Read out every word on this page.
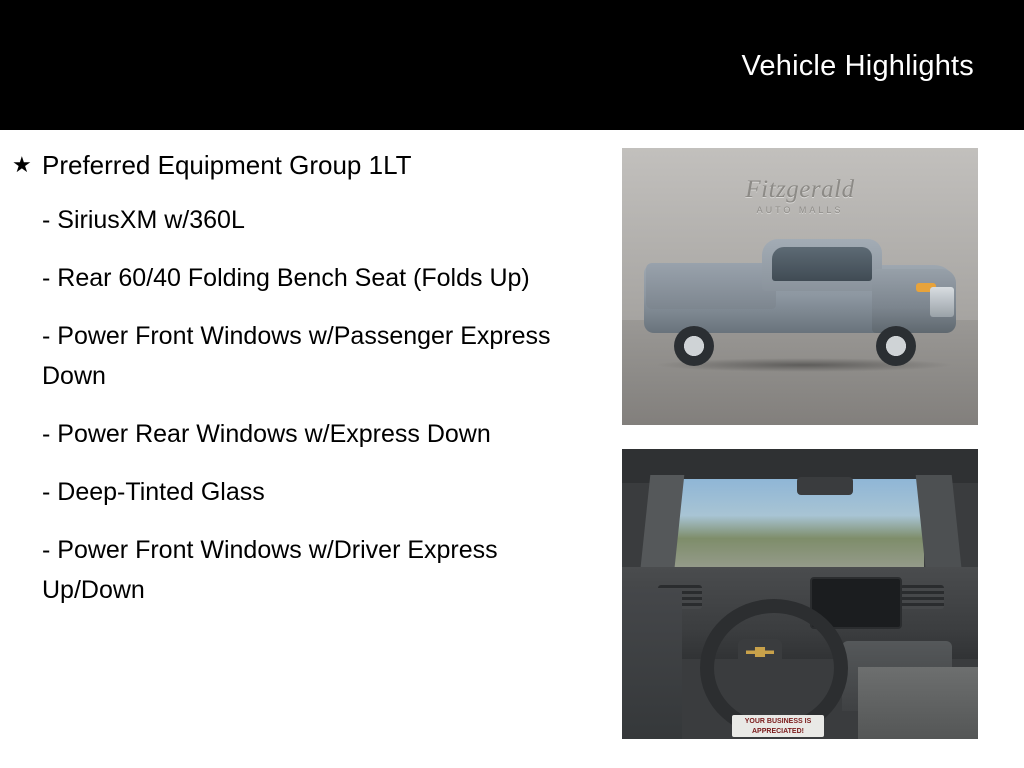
Vehicle Highlights
★ Preferred Equipment Group 1LT
- SiriusXM w/360L
- Rear 60/40 Folding Bench Seat (Folds Up)
- Power Front Windows w/Passenger Express Down
- Power Rear Windows w/Express Down
- Deep-Tinted Glass
- Power Front Windows w/Driver Express Up/Down
Fitzgerald
AUTO MALLS
YOUR BUSINESS IS APPRECIATED!
